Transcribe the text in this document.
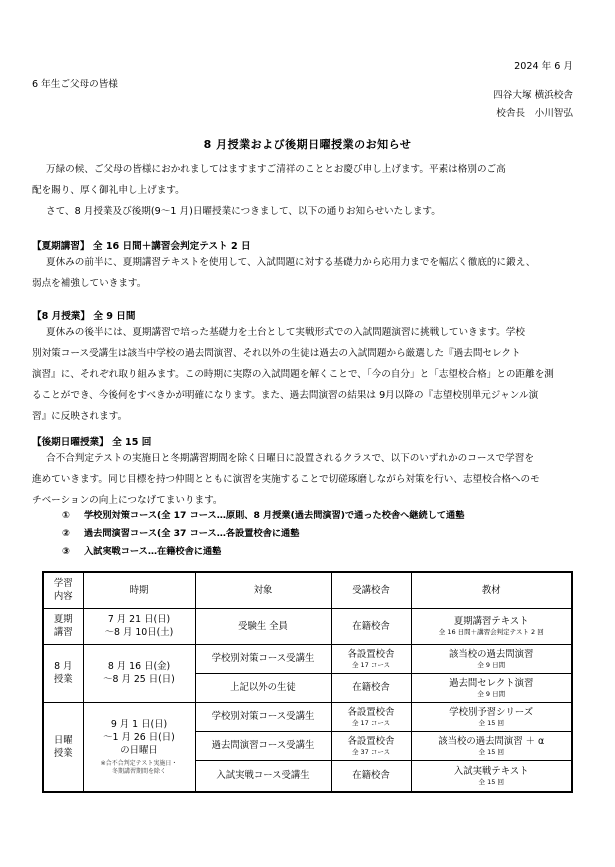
2024 年 6 月
6 年生ご父母の皆様
四谷大塚 横浜校舎
校舎長　小川智弘
8 月授業および後期日曜授業のお知らせ
万緑の候、ご父母の皆様におかれましてはますますご清祥のこととお慶び申し上げます。平素は格別のご高
配を賜り、厚く御礼申し上げます。
さて、8 月授業及び後期(9～1 月)日曜授業につきまして、以下の通りお知らせいたします。
【夏期講習】 全 16 日間＋講習会判定テスト 2 日
夏休みの前半に、夏期講習テキストを使用して、入試問題に対する基礎力から応用力までを幅広く徹底的に鍛え、
弱点を補強していきます。
【8 月授業】 全 9 日間
夏休みの後半には、夏期講習で培った基礎力を土台として実戦形式での入試問題演習に挑戦していきます。学校
別対策コース受講生は該当中学校の過去問演習、それ以外の生徒は過去の入試問題から厳選した『過去問セレクト
演習』に、それぞれ取り組みます。この時期に実際の入試問題を解くことで、「今の自分」と「志望校合格」との距離を測
ることができ、今後何をすべきかが明確になります。また、過去問演習の結果は 9月以降の『志望校別単元ジャンル演
習』に反映されます。
【後期日曜授業】 全 15 回
合不合判定テストの実施日と冬期講習期間を除く日曜日に設置されるクラスで、以下のいずれかのコースで学習を
進めていきます。同じ目標を持つ仲間とともに演習を実施することで切磋琢磨しながら対策を行い、志望校合格へのモ
チベーションの向上につなげてまいります。
① 学校別対策コース(全 17 コース…原則、8 月授業(過去問演習)で通った校舎へ継続して通塾
② 過去問演習コース(全 37 コース…各設置校舎に通塾
③ 入試実戦コース…在籍校舎に通塾
学習
内容	時期	対象	受講校舎	教材
夏期
講習	7 月 21 日(日)
～8 月 10日(土)	受験生 全員	在籍校舎	夏期講習テキスト
全 16 日間＋講習会判定テスト 2 回

8 月
授業	8 月 16 日(金)
～8 月 25 日(日)	学校別対策コース受講生	各設置校舎
全 17 コース	該当校の過去問演習
全 9 日間

		上記以外の生徒	在籍校舎	過去問セレクト演習
全 9 日間

日曜
授業	9 月 1 日(日)
～1 月 26 日(日)
の日曜日
※合不合判定テスト実施日・
冬期講習期間を除く	学校別対策コース受講生	各設置校舎
全 17 コース	学校別予習シリーズ
全 15 回

		過去問演習コース受講生	各設置校舎
全 37 コース	該当校の過去問演習 ＋ α
全 15 回

		入試実戦コース受講生	在籍校舎	入試実戦テキスト
全 15 回
